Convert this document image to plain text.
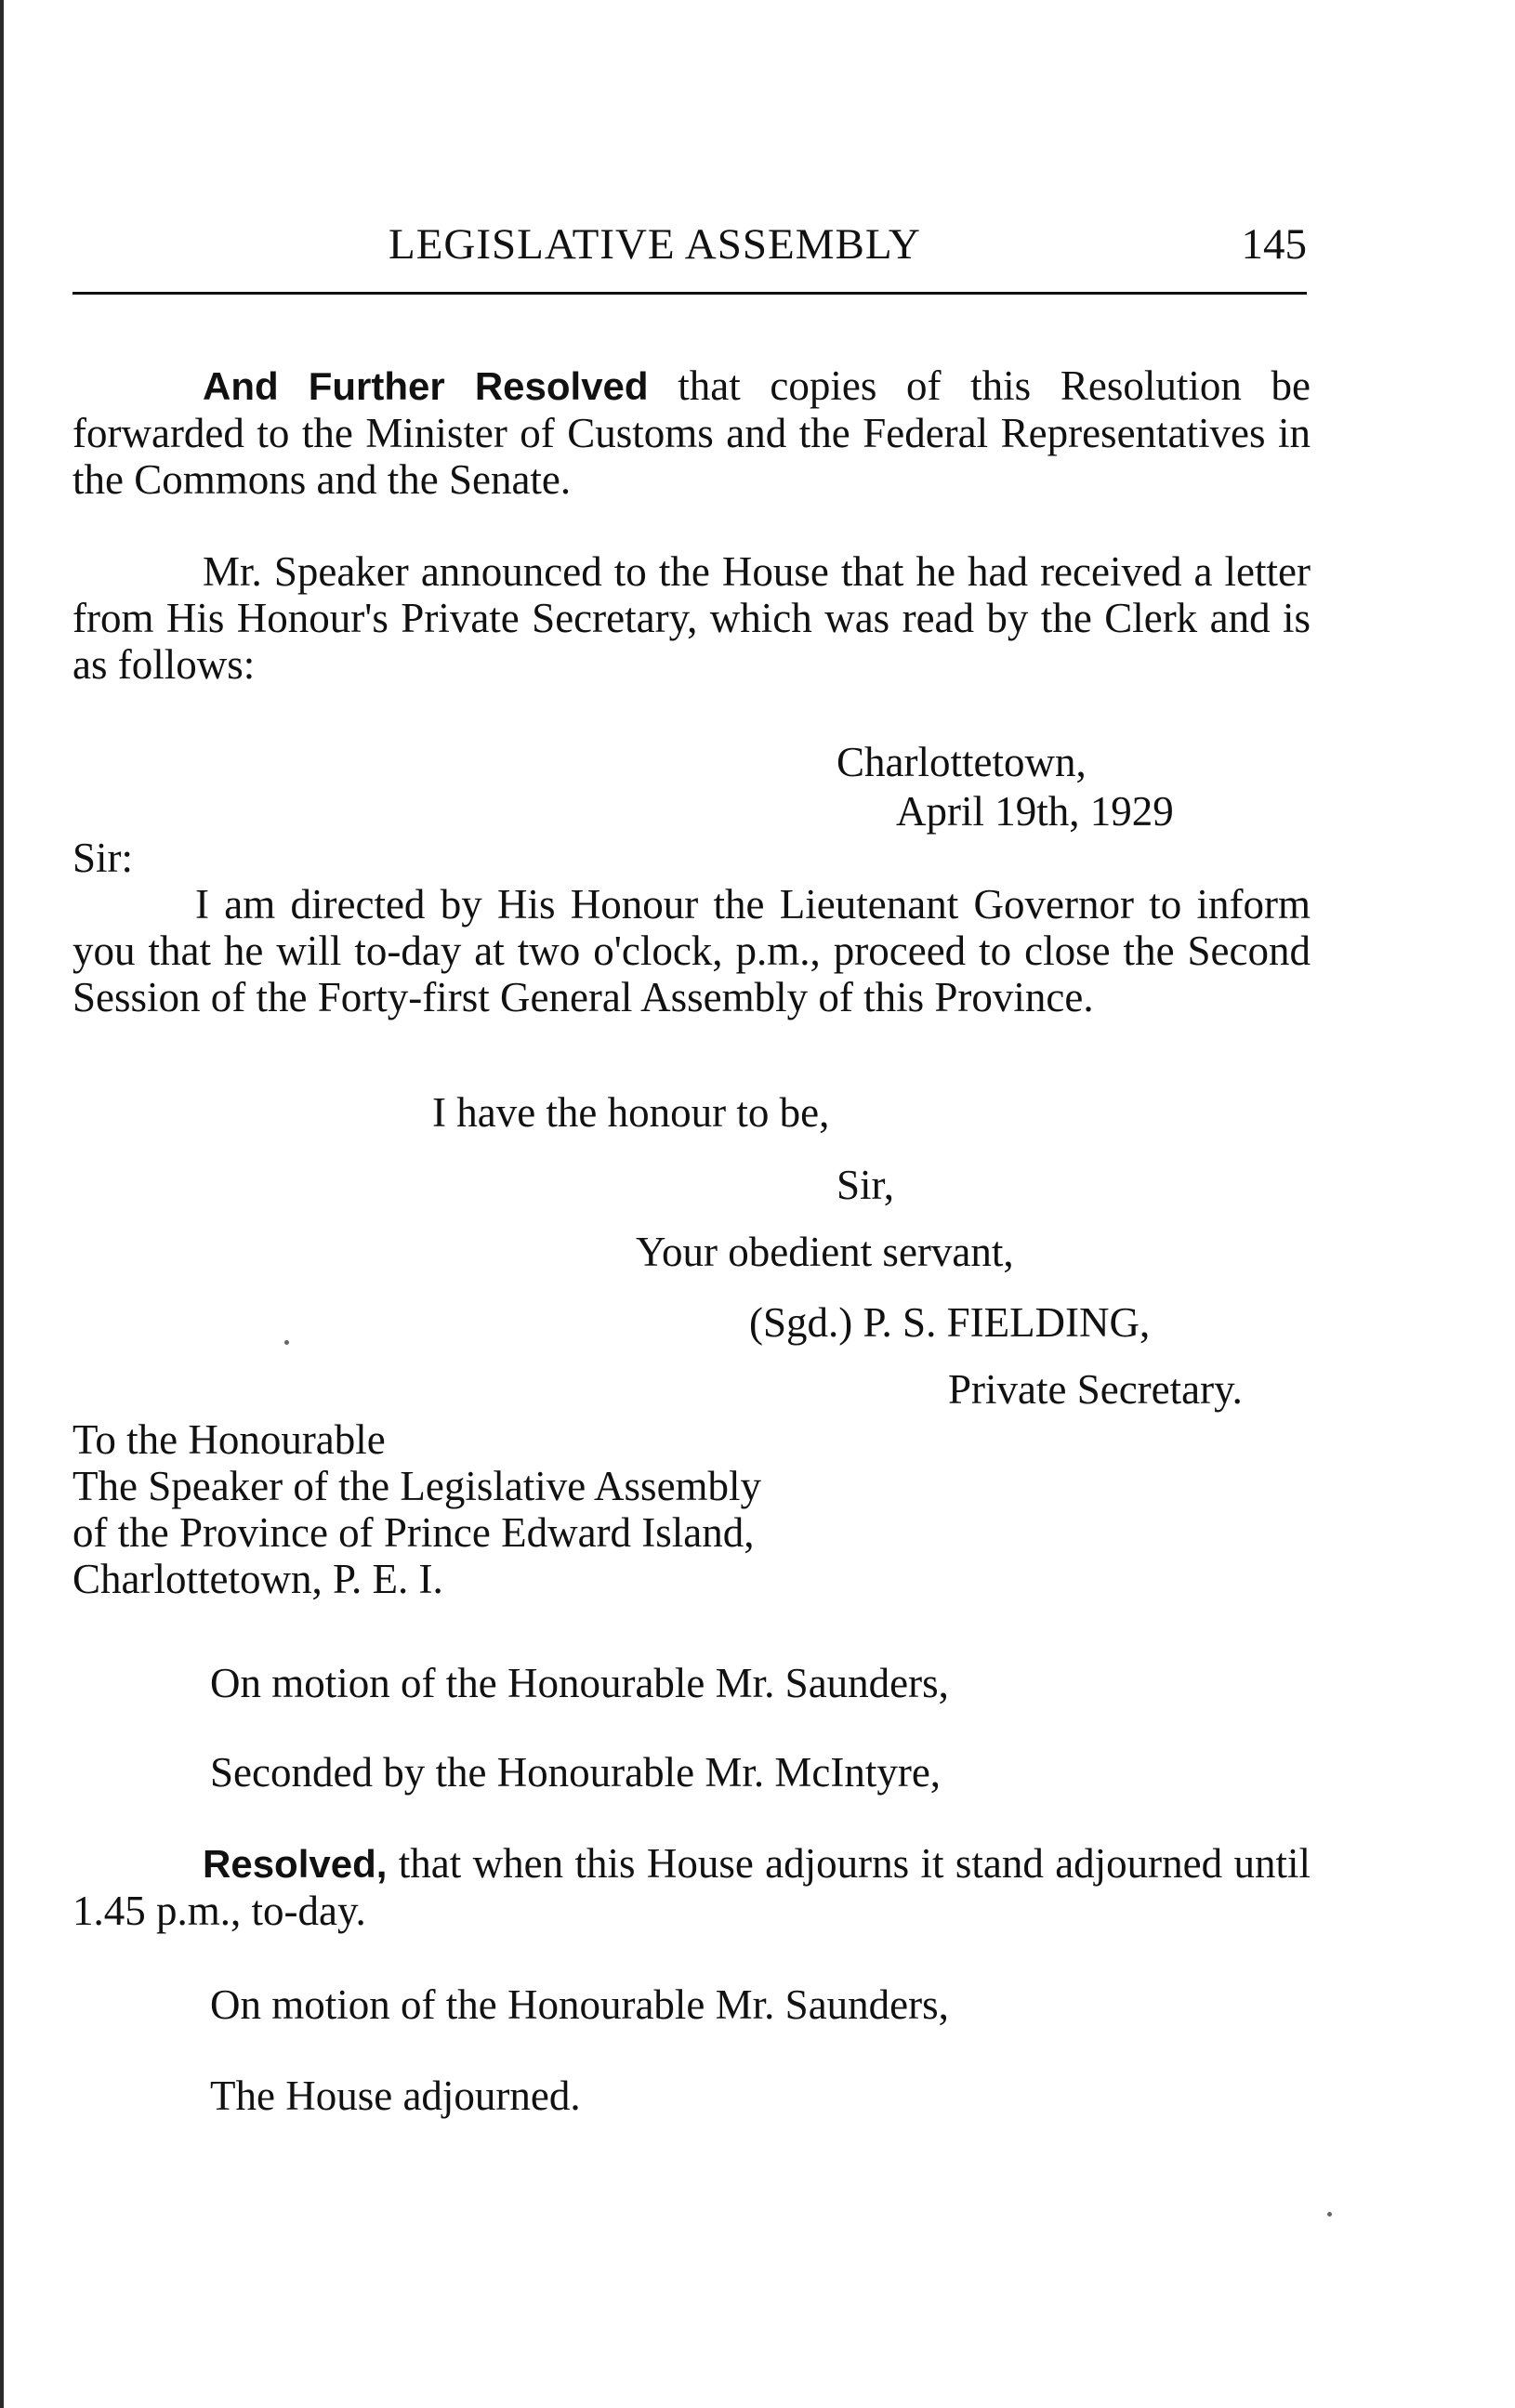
LEGISLATIVE ASSEMBLY	145

And Further Resolved that copies of this Resolution be forwarded to the Minister of Customs and the Federal Representatives in the Commons and the Senate.

Mr. Speaker announced to the House that he had received a letter from His Honour's Private Secretary, which was read by the Clerk and is as follows:

Charlottetown,
April 19th, 1929
Sir:

I am directed by His Honour the Lieutenant Governor to inform you that he will to-day at two o'clock, p.m., proceed to close the Second Session of the Forty-first General Assembly of this Province.

I have the honour to be,
Sir,
Your obedient servant,
(Sgd.) P. S. FIELDING,
Private Secretary.
To the Honourable
The Speaker of the Legislative Assembly
of the Province of Prince Edward Island,
Charlottetown, P. E. I.
On motion of the Honourable Mr. Saunders,
Seconded by the Honourable Mr. McIntyre,

Resolved, that when this House adjourns it stand adjourned until 1.45 p.m., to-day.

On motion of the Honourable Mr. Saunders,
The House adjourned.
